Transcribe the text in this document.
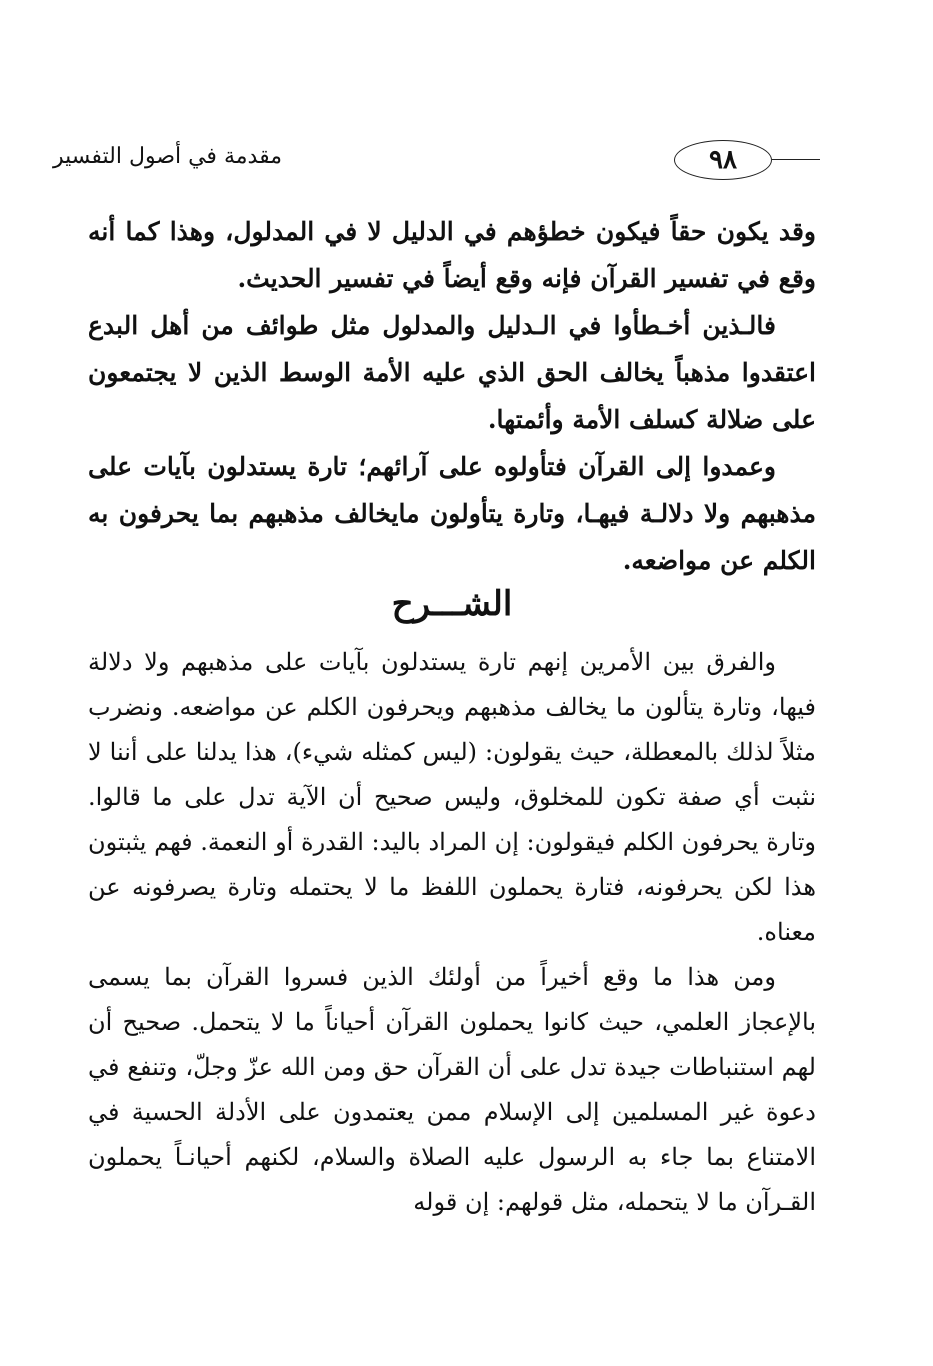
مقدمة في أصول التفسير	٩٨

وقد يكون حقاً فيكون خطؤهم في الدليل لا في المدلول، وهذا كما أنه وقع في تفسير القرآن فإنه وقع أيضاً في تفسير الحديث.

فالـذين أخـطأوا في الـدليل والمدلول مثل طوائف من أهل البدع اعتقدوا مذهباً يخالف الحق الذي عليه الأمة الوسط الذين لا يجتمعون على ضلالة كسلف الأمة وأئمتها.

وعمدوا إلى القرآن فتأولوه على آرائهم؛ تارة يستدلون بآيات على مذهبهم ولا دلالـة فيهـا، وتارة يتأولون مايخالف مذهبهم بما يحرفون به الكلم عن مواضعه.

الشـــرح

والفرق بين الأمرين إنهم تارة يستدلون بآيات على مذهبهم ولا دلالة فيها، وتارة يتألون ما يخالف مذهبهم ويحرفون الكلم عن مواضعه. ونضرب مثلاً لذلك بالمعطلة، حيث يقولون: (ليس كمثله شيء)، هذا يدلنا على أننا لا نثبت أي صفة تكون للمخلوق، وليس صحيح أن الآية تدل على ما قالوا. وتارة يحرفون الكلم فيقولون: إن المراد باليد: القدرة أو النعمة. فهم يثبتون هذا لكن يحرفونه، فتارة يحملون اللفظ ما لا يحتمله وتارة يصرفونه عن معناه.

ومن هذا ما وقع أخيراً من أولئك الذين فسروا القرآن بما يسمى بالإعجاز العلمي، حيث كانوا يحملون القرآن أحياناً ما لا يتحمل. صحيح أن لهم استنباطات جيدة تدل على أن القرآن حق ومن الله عزّ وجلّ، وتنفع في دعوة غير المسلمين إلى الإسلام ممن يعتمدون على الأدلة الحسية في الامتناع بما جاء به الرسول عليه الصلاة والسلام، لكنهم أحيانـاً يحملون القـرآن ما لا يتحمله، مثل قولهم: إن قوله
